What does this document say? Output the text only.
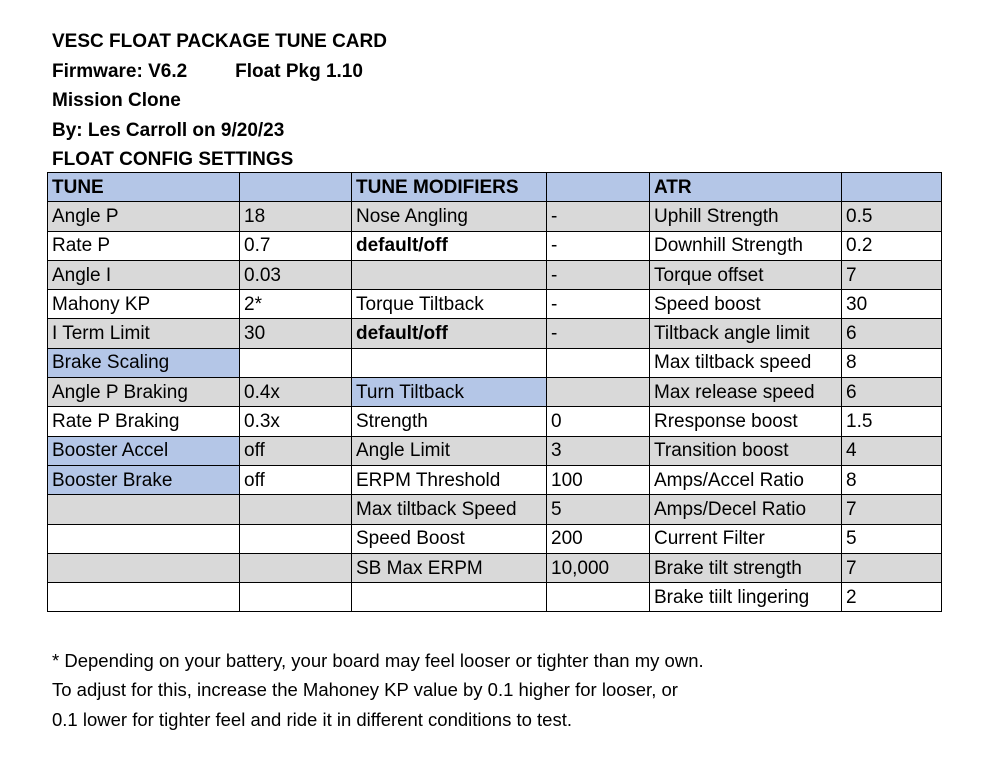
VESC FLOAT PACKAGE TUNE CARD
Firmware: V6.2	Float Pkg 1.10
Mission Clone
By: Les Carroll on 9/20/23
FLOAT CONFIG SETTINGS
TUNE		TUNE MODIFIERS		ATR	
Angle P	18	Nose Angling	-	Uphill Strength	0.5
Rate P	0.7	default/off	-	Downhill Strength	0.2
Angle I	0.03		-	Torque offset	7
Mahony KP	2*	Torque Tiltback	-	Speed boost	30
I Term Limit	30	default/off	-	Tiltback angle limit	6
Brake Scaling				Max tiltback speed	8
Angle P Braking	0.4x	Turn Tiltback		Max release speed	6
Rate P Braking	0.3x	Strength	0	Rresponse boost	1.5
Booster Accel	off	Angle Limit	3	Transition boost	4
Booster Brake	off	ERPM Threshold	100	Amps/Accel Ratio	8
		Max tiltback Speed	5	Amps/Decel Ratio	7
		Speed Boost	200	Current Filter	5
		SB Max ERPM	10,000	Brake tilt strength	7
				Brake tiilt lingering	2
* Depending on your battery, your board may feel looser or tighter than my own.
To adjust for this, increase the Mahoney KP value by 0.1 higher for looser, or
0.1 lower for tighter feel and ride it in different conditions to test.
